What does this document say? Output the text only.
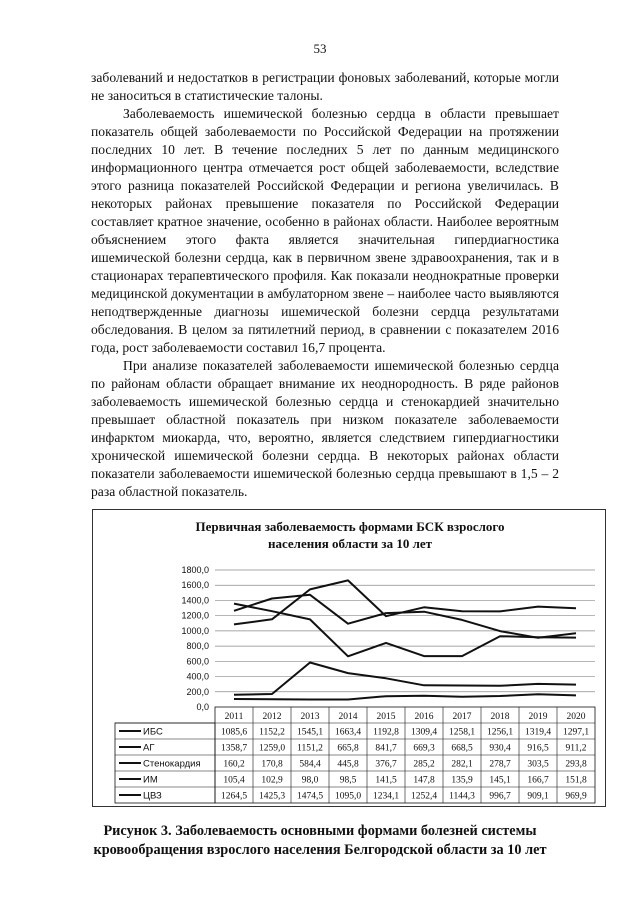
53

заболеваний и недостатков в регистрации фоновых заболеваний, которые могли не заноситься в статистические талоны.

Заболеваемость ишемической болезнью сердца в области превышает показатель общей заболеваемости по Российской Федерации на протяжении последних 10 лет. В течение последних 5 лет по данным медицинского информационного центра отмечается рост общей заболеваемости, вследствие этого разница показателей Российской Федерации и региона увеличилась. В некоторых районах превышение показателя по Российской Федерации составляет кратное значение, особенно в районах области. Наиболее вероятным объяснением этого факта является значительная гипердиагностика ишемической болезни сердца, как в первичном звене здравоохранения, так и в стационарах терапевтического профиля. Как показали неоднократные проверки медицинской документации в амбулаторном звене – наиболее часто выявляются неподтвержденные диагнозы ишемической болезни сердца результатами обследования. В целом за пятилетний период, в сравнении с показателем 2016 года, рост заболеваемости составил 16,7 процента.

При анализе показателей заболеваемости ишемической болезнью сердца по районам области обращает внимание их неоднородность. В ряде районов заболеваемость ишемической болезнью сердца и стенокардией значительно превышает областной показатель при низком показателе заболеваемости инфарктом миокарда, что, вероятно, является следствием гипердиагностики хронической ишемической болезни сердца. В некоторых районах области показатели заболеваемости ишемической болезнью сердца превышают в 1,5 – 2 раза областной показатель.

Первичная заболеваемость формами БСК взрослого
населения области за 10 лет
0,0
200,0
400,0
600,0
800,0
1000,0
1200,0
1400,0
1600,0
1800,0
2011 2012 2013 2014 2015 2016 2017 2018 2019 2020
ИБС	1085,6 1152,2 1545,1 1663,4 1192,8 1309,4 1258,1 1256,1 1319,4 1297,1
АГ	1358,7 1259,0 1151,2 665,8 841,7 669,3 668,5 930,4 916,5 911,2
Стенокардия 160,2 170,8 584,4 445,8 376,7 285,2 282,1 278,7 303,5 293,8
ИМ	105,4 102,9 98,0 98,5 141,5 147,8 135,9 145,1 166,7 151,8
ЦВЗ	1264,5 1425,3 1474,5 1095,0 1234,1 1252,4 1144,3 996,7 909,1 969,9
Рисунок 3. Заболеваемость основными формами болезней системы
кровообращения взрослого населения Белгородской области за 10 лет
